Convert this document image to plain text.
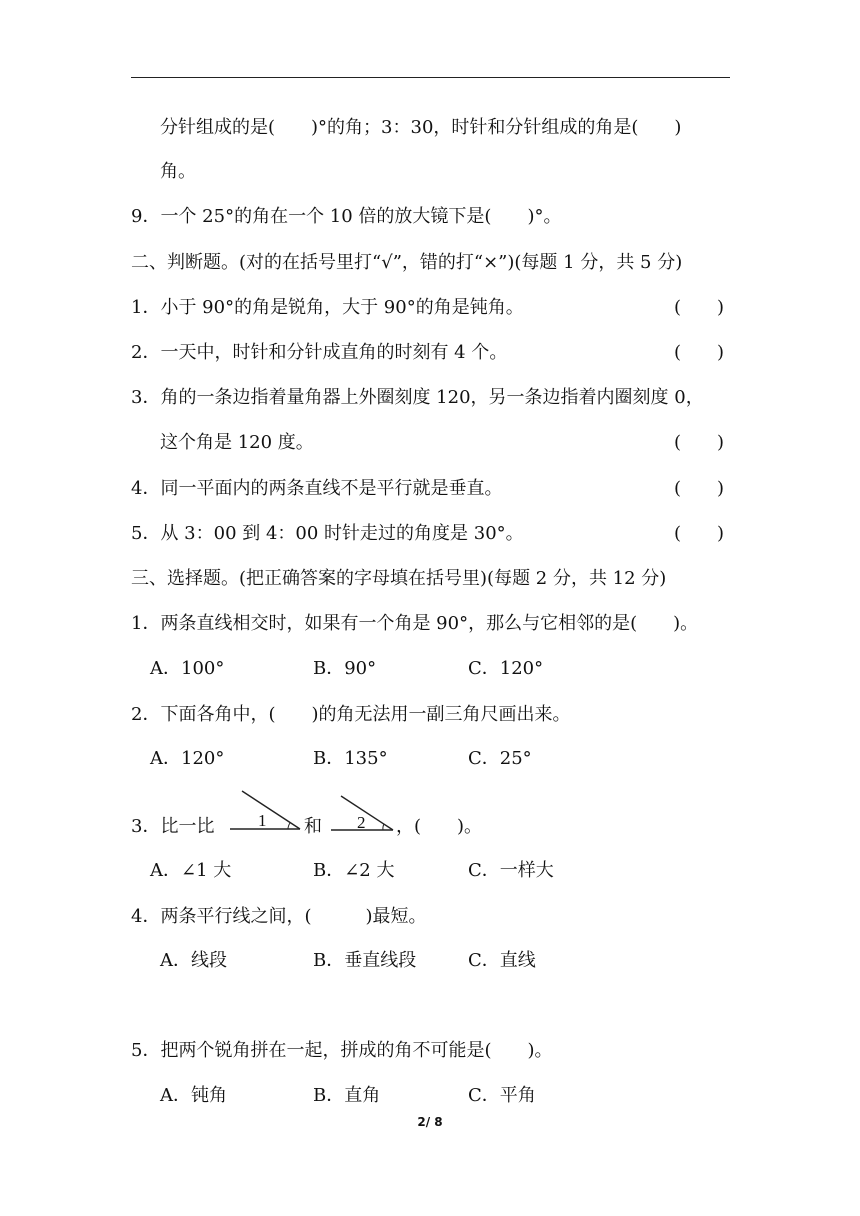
分针组成的是(　　)°的角；3：30，时针和分针组成的角是(　　)
角。
9．一个 25°的角在一个 10 倍的放大镜下是(　　)°。
二、判断题。(对的在括号里打“√”，错的打“×”)(每题 1 分，共 5 分)
1．小于 90°的角是锐角，大于 90°的角是钝角。	(　　)
2．一天中，时针和分针成直角的时刻有 4 个。	(　　)
3．角的一条边指着量角器上外圈刻度 120，另一条边指着内圈刻度 0，
这个角是 120 度。	(　　)
4．同一平面内的两条直线不是平行就是垂直。	(　　)
5．从 3：00 到 4：00 时针走过的角度是 30°。	(　　)
三、选择题。(把正确答案的字母填在括号里)(每题 2 分，共 12 分)
1．两条直线相交时，如果有一个角是 90°，那么与它相邻的是(　　)。
A．100°	B．90°	C．120°
2．下面各角中，(　　)的角无法用一副三角尺画出来。
A．120°	B．135°	C．25°
3．比一比	1 和 2 ，(　　)。
A．∠1 大	B．∠2 大	C．一样大
4．两条平行线之间，(　　　)最短。
A．线段	B．垂直线段	C．直线
5．把两个锐角拼在一起，拼成的角不可能是(　　)。
A．钝角	B．直角	C．平角
2/ 8
